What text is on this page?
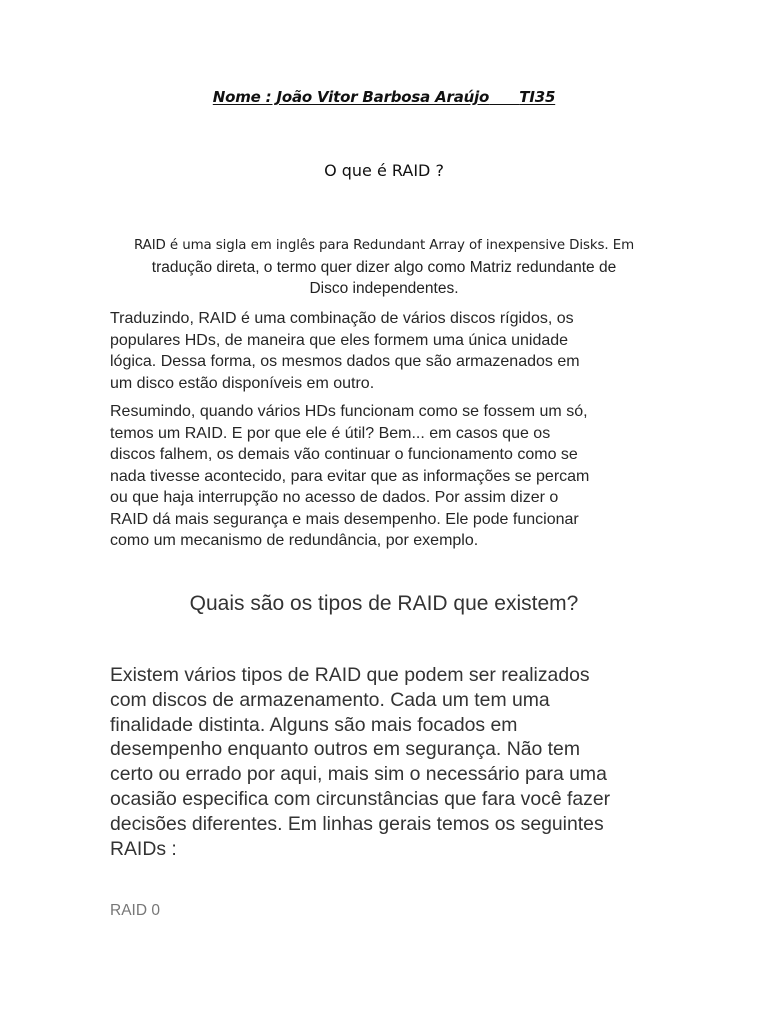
Nome : João Vitor Barbosa Araújo TI35
O que é RAID ?
RAID é uma sigla em inglês para Redundant Array of inexpensive Disks. Em
tradução direta, o termo quer dizer algo como Matriz redundante de
Disco independentes.
Traduzindo, RAID é uma combinação de vários discos rígidos, os
populares HDs, de maneira que eles formem uma única unidade
lógica. Dessa forma, os mesmos dados que são armazenados em
um disco estão disponíveis em outro.
Resumindo, quando vários HDs funcionam como se fossem um só,
temos um RAID. E por que ele é útil? Bem... em casos que os
discos falhem, os demais vão continuar o funcionamento como se
nada tivesse acontecido, para evitar que as informações se percam
ou que haja interrupção no acesso de dados. Por assim dizer o
RAID dá mais segurança e mais desempenho. Ele pode funcionar
como um mecanismo de redundância, por exemplo.
Quais são os tipos de RAID que existem?
Existem vários tipos de RAID que podem ser realizados
com discos de armazenamento. Cada um tem uma
finalidade distinta. Alguns são mais focados em
desempenho enquanto outros em segurança. Não tem
certo ou errado por aqui, mais sim o necessário para uma
ocasião especifica com circunstâncias que fara você fazer
decisões diferentes. Em linhas gerais temos os seguintes
RAIDs :
RAID 0
